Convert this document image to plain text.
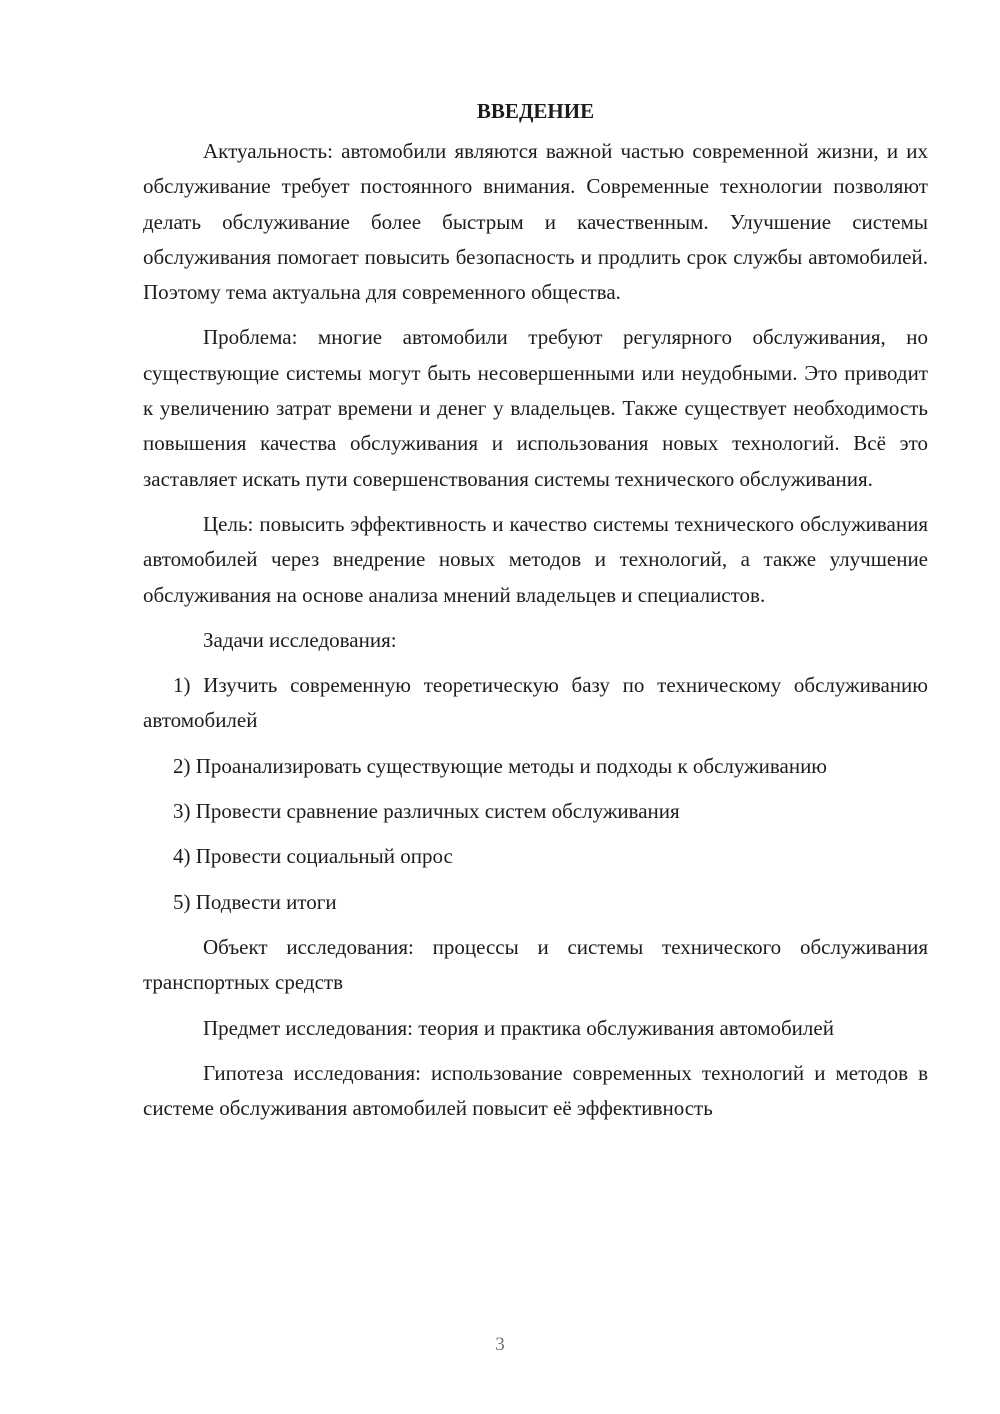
ВВЕДЕНИЕ

Актуальность: автомобили являются важной частью современной жизни, и их обслуживание требует постоянного внимания. Современные технологии позволяют делать обслуживание более быстрым и качественным. Улучшение системы обслуживания помогает повысить безопасность и продлить срок службы автомобилей. Поэтому тема актуальна для современного общества.

Проблема: многие автомобили требуют регулярного обслуживания, но существующие системы могут быть несовершенными или неудобными. Это приводит к увеличению затрат времени и денег у владельцев. Также существует необходимость повышения качества обслуживания и использования новых технологий. Всё это заставляет искать пути совершенствования системы технического обслуживания.

Цель: повысить эффективность и качество системы технического обслуживания автомобилей через внедрение новых методов и технологий, а также улучшение обслуживания на основе анализа мнений владельцев и специалистов.

Задачи исследования:

1) Изучить современную теоретическую базу по техническому обслуживанию автомобилей

2) Проанализировать существующие методы и подходы к обслуживанию

3) Провести сравнение различных систем обслуживания

4) Провести социальный опрос

5) Подвести итоги

Объект исследования: процессы и системы технического обслуживания транспортных средств

Предмет исследования: теория и практика обслуживания автомобилей

Гипотеза исследования: использование современных технологий и методов в системе обслуживания автомобилей повысит её эффективность

3
